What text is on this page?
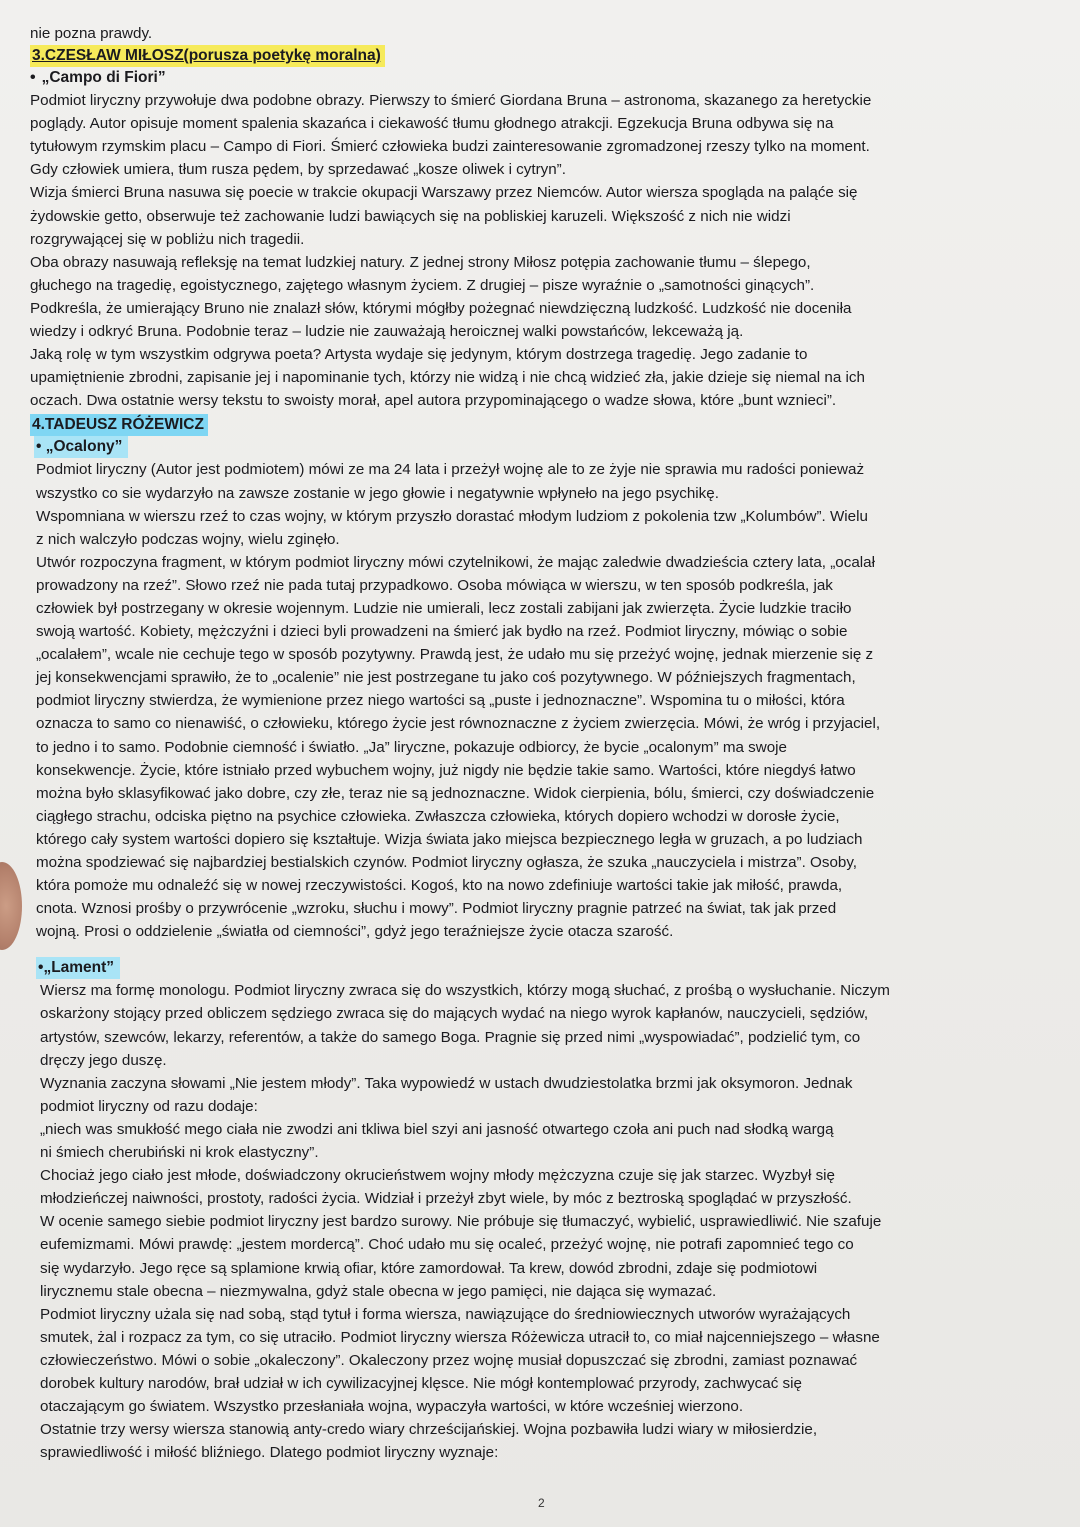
nie pozna prawdy.

3.CZESŁAW MIŁOSZ(porusza poetykę moralna)
• „Campo di Fiori”
Podmiot liryczny przywołuje dwa podobne obrazy. Pierwszy to śmierć Giordana Bruna – astronoma, skazanego za heretyckie
poglądy. Autor opisuje moment spalenia skazańca i ciekawość tłumu głodnego atrakcji. Egzekucja Bruna odbywa się na
tytułowym rzymskim placu – Campo di Fiori. Śmierć człowieka budzi zainteresowanie zgromadzonej rzeszy tylko na moment.
Gdy człowiek umiera, tłum rusza pędem, by sprzedawać „kosze oliwek i cytryn”.
Wizja śmierci Bruna nasuwa się poecie w trakcie okupacji Warszawy przez Niemców. Autor wiersza spogląda na paląće się
żydowskie getto, obserwuje też zachowanie ludzi bawiących się na pobliskiej karuzeli. Większość z nich nie widzi
rozgrywającej się w pobliżu nich tragedii.
Oba obrazy nasuwają refleksję na temat ludzkiej natury. Z jednej strony Miłosz potępia zachowanie tłumu – ślepego,
głuchego na tragedię, egoistycznego, zajętego własnym życiem. Z drugiej – pisze wyraźnie o „samotności ginących”.
Podkreśla, że umierający Bruno nie znalazł słów, którymi mógłby pożegnać niewdzięczną ludzkość. Ludzkość nie doceniła
wiedzy i odkryć Bruna. Podobnie teraz – ludzie nie zauważają heroicznej walki powstańców, lekceważą ją.
Jaką rolę w tym wszystkim odgrywa poeta? Artysta wydaje się jedynym, którym dostrzega tragedię. Jego zadanie to
upamiętnienie zbrodni, zapisanie jej i napominanie tych, którzy nie widzą i nie chcą widzieć zła, jakie dzieje się niemal na ich
oczach. Dwa ostatnie wersy tekstu to swoisty morał, apel autora przypominającego o wadze słowa, które „bunt wznieci”.
4.TADEUSZ RÓŻEWICZ
• „Ocalony”
Podmiot liryczny (Autor jest podmiotem) mówi ze ma 24 lata i przeżył wojnę ale to ze żyje nie sprawia mu radości ponieważ
wszystko co sie wydarzyło na zawsze zostanie w jego głowie i negatywnie wpłyneło na jego psychikę.
Wspomniana w wierszu rzeź to czas wojny, w którym przyszło dorastać młodym ludziom z pokolenia tzw „Kolumbów”. Wielu
z nich walczyło podczas wojny, wielu zginęło.
Utwór rozpoczyna fragment, w którym podmiot liryczny mówi czytelnikowi, że mając zaledwie dwadzieścia cztery lata, „ocalał
prowadzony na rzeź”. Słowo rzeź nie pada tutaj przypadkowo. Osoba mówiąca w wierszu, w ten sposób podkreśla, jak
człowiek był postrzegany w okresie wojennym. Ludzie nie umierali, lecz zostali zabijani jak zwierzęta. Życie ludzkie traciło
swoją wartość. Kobiety, mężczyźni i dzieci byli prowadzeni na śmierć jak bydło na rzeź. Podmiot liryczny, mówiąc o sobie
„ocalałem”, wcale nie cechuje tego w sposób pozytywny. Prawdą jest, że udało mu się przeżyć wojnę, jednak mierzenie się z
jej konsekwencjami sprawiło, że to „ocalenie” nie jest postrzegane tu jako coś pozytywnego. W późniejszych fragmentach,
podmiot liryczny stwierdza, że wymienione przez niego wartości są „puste i jednoznaczne”. Wspomina tu o miłości, która
oznacza to samo co nienawiść, o człowieku, którego życie jest równoznaczne z życiem zwierzęcia. Mówi, że wróg i przyjaciel,
to jedno i to samo. Podobnie ciemność i światło. „Ja” liryczne, pokazuje odbiorcy, że bycie „ocalonym” ma swoje
konsekwencje. Życie, które istniało przed wybuchem wojny, już nigdy nie będzie takie samo. Wartości, które niegdyś łatwo
można było sklasyfikować jako dobre, czy złe, teraz nie są jednoznaczne. Widok cierpienia, bólu, śmierci, czy doświadczenie
ciągłego strachu, odciska piętno na psychice człowieka. Zwłaszcza człowieka, których dopiero wchodzi w dorosłe życie,
którego cały system wartości dopiero się kształtuje. Wizja świata jako miejsca bezpiecznego legła w gruzach, a po ludziach
można spodziewać się najbardziej bestialskich czynów. Podmiot liryczny ogłasza, że szuka „nauczyciela i mistrza”. Osoby,
która pomoże mu odnaleźć się w nowej rzeczywistości. Kogoś, kto na nowo zdefiniuje wartości takie jak miłość, prawda,
cnota. Wznosi prośby o przywrócenie „wzroku, słuchu i mowy”. Podmiot liryczny pragnie patrzeć na świat, tak jak przed
wojną. Prosi o oddzielenie „światła od ciemności”, gdyż jego teraźniejsze życie otacza szarość.
•„Lament”
Wiersz ma formę monologu. Podmiot liryczny zwraca się do wszystkich, którzy mogą słuchać, z prośbą o wysłuchanie. Niczym
oskarżony stojący przed obliczem sędziego zwraca się do mających wydać na niego wyrok kapłanów, nauczycieli, sędziów,
artystów, szewców, lekarzy, referentów, a także do samego Boga. Pragnie się przed nimi „wyspowiadać”, podzielić tym, co
dręczy jego duszę.
Wyznania zaczyna słowami „Nie jestem młody”. Taka wypowiedź w ustach dwudziestolatka brzmi jak oksymoron. Jednak
podmiot liryczny od razu dodaje:
„niech was smukłość mego ciała nie zwodzi ani tkliwa biel szyi ani jasność otwartego czoła ani puch nad słodką wargą
ni śmiech cherubiński ni krok elastyczny”.
Chociaż jego ciało jest młode, doświadczony okrucieństwem wojny młody mężczyzna czuje się jak starzec. Wyzbył się
młodzieńczej naiwności, prostoty, radości życia. Widział i przeżył zbyt wiele, by móc z beztroską spoglądać w przyszłość.
W ocenie samego siebie podmiot liryczny jest bardzo surowy. Nie próbuje się tłumaczyć, wybielić, usprawiedliwić. Nie szafuje
eufemizmami. Mówi prawdę: „jestem mordercą”. Choć udało mu się ocaleć, przeżyć wojnę, nie potrafi zapomnieć tego co
się wydarzyło. Jego ręce są splamione krwią ofiar, które zamordował. Ta krew, dowód zbrodni, zdaje się podmiotowi
lirycznemu stale obecna – niezmywalna, gdyż stale obecna w jego pamięci, nie dająca się wymazać.
Podmiot liryczny użala się nad sobą, stąd tytuł i forma wiersza, nawiązujące do średniowiecznych utworów wyrażających
smutek, żal i rozpacz za tym, co się utraciło. Podmiot liryczny wiersza Różewicza utracił to, co miał najcenniejszego – własne
człowieczeństwo. Mówi o sobie „okaleczony”. Okaleczony przez wojnę musiał dopuszczać się zbrodni, zamiast poznawać
dorobek kultury narodów, brał udział w ich cywilizacyjnej klęsce. Nie mógł kontemplować przyrody, zachwycać się
otaczającym go światem. Wszystko przesłaniała wojna, wypaczyła wartości, w które wcześniej wierzono.
Ostatnie trzy wersy wiersza stanowią anty-credo wiary chrześcijańskiej. Wojna pozbawiła ludzi wiary w miłosierdzie,
sprawiedliwość i miłość bliźniego. Dlatego podmiot liryczny wyznaje:
2
